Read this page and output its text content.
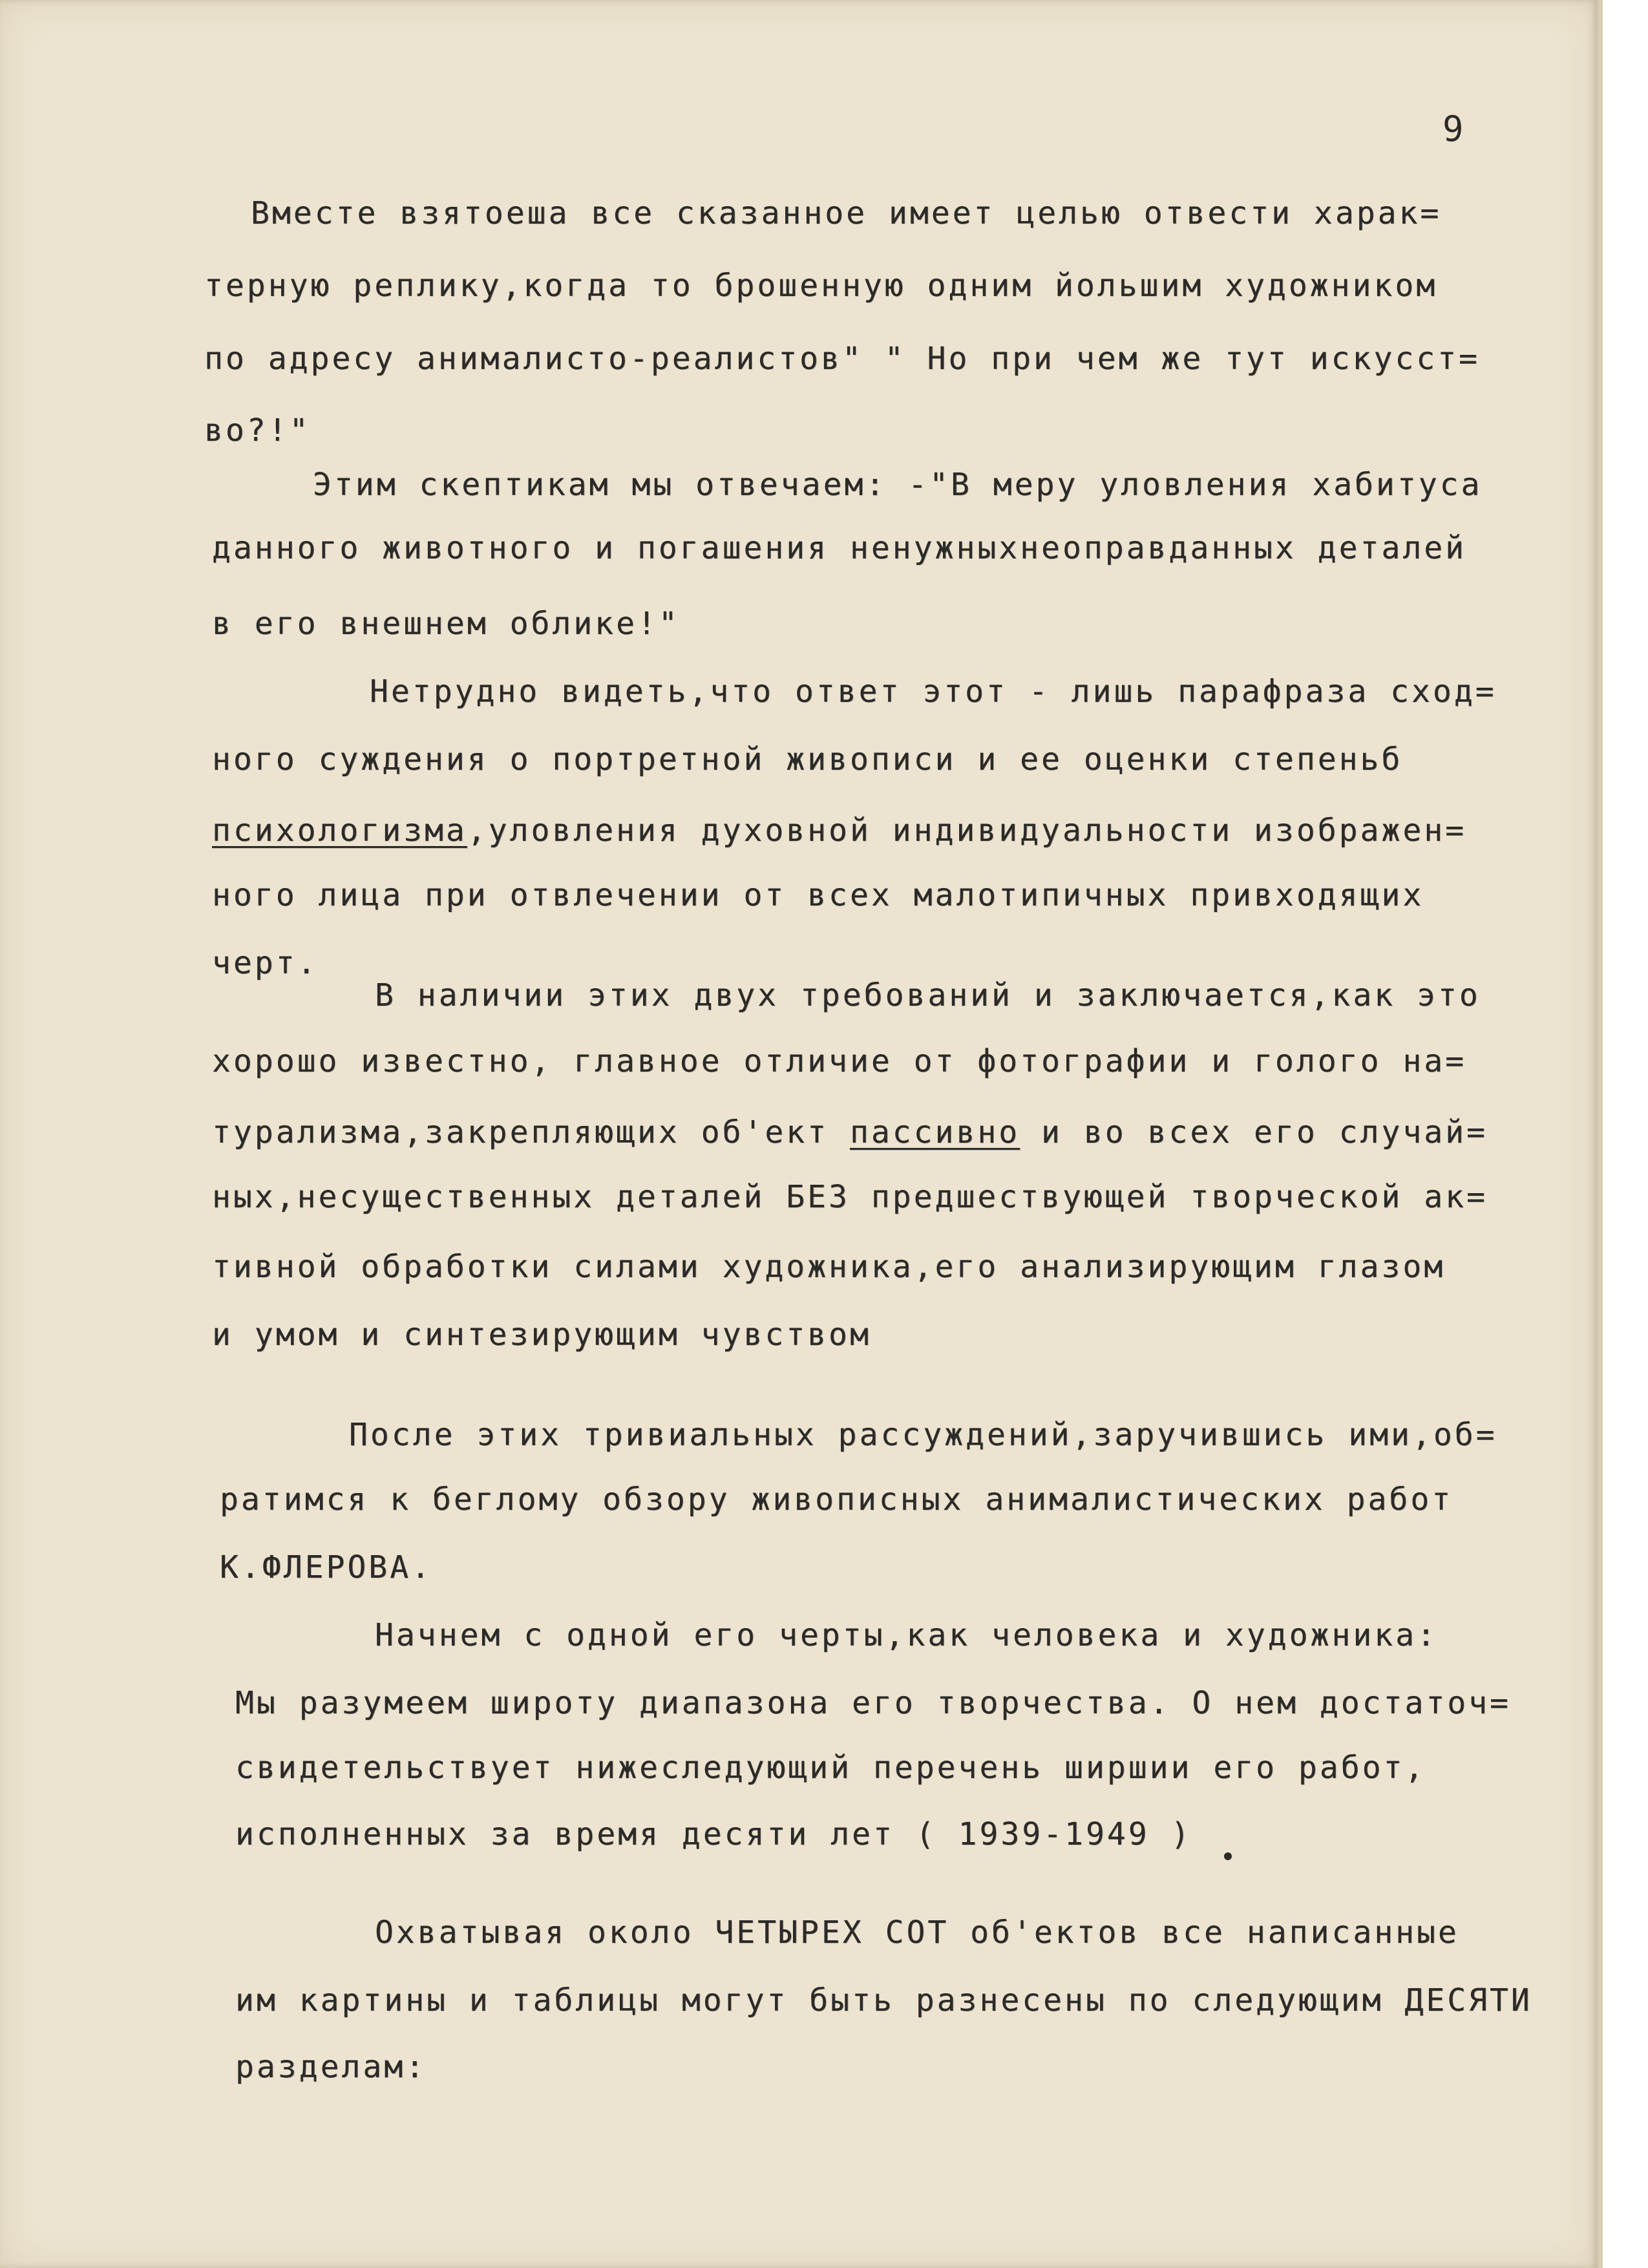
9

Вместе взятоеша все сказанное имеет целью отвести харак=

терную реплику,когда то брошенную одним йольшим художником

по адресу анималисто-реалистов" " Но при чем же тут искусст=

во?!"

Этим скептикам мы отвечаем: -"В меру уловления хабитуса

данного животного и погашения ненужныхнеоправданных деталей

в его внешнем облике!"

Нетрудно видеть,что ответ этот - лишь парафраза сход=

ного суждения о портретной живописи и ее оценки степеньб

психологизма,уловления духовной индивидуальности изображен=

ного лица при отвлечении от всех малотипичных привходящих

черт.

В наличии этих двух требований и заключается,как это

хорошо известно, главное отличие от фотографии и голого на=

турализма,закрепляющих об'ект пассивно и во всех его случай=

ных,несущественных деталей БЕЗ предшествующей творческой ак=

тивной обработки силами художника,его анализирующим глазом

и умом и синтезирующим чувством

После этих тривиальных рассуждений,заручившись ими,об=

ратимся к беглому обзору живописных анималистических работ

К.ФЛЕРОВА.

Начнем с одной его черты,как человека и художника:

Мы разумеем широту диапазона его творчества. О нем достаточ=

свидетельствует нижеследующий перечень ширшии его работ,

исполненных за время десяти лет ( 1939-1949 )

Охватывая около ЧЕТЫРЕХ СОТ об'ектов все написанные

им картины и таблицы могут быть разнесены по следующим ДЕСЯТИ

разделам:
